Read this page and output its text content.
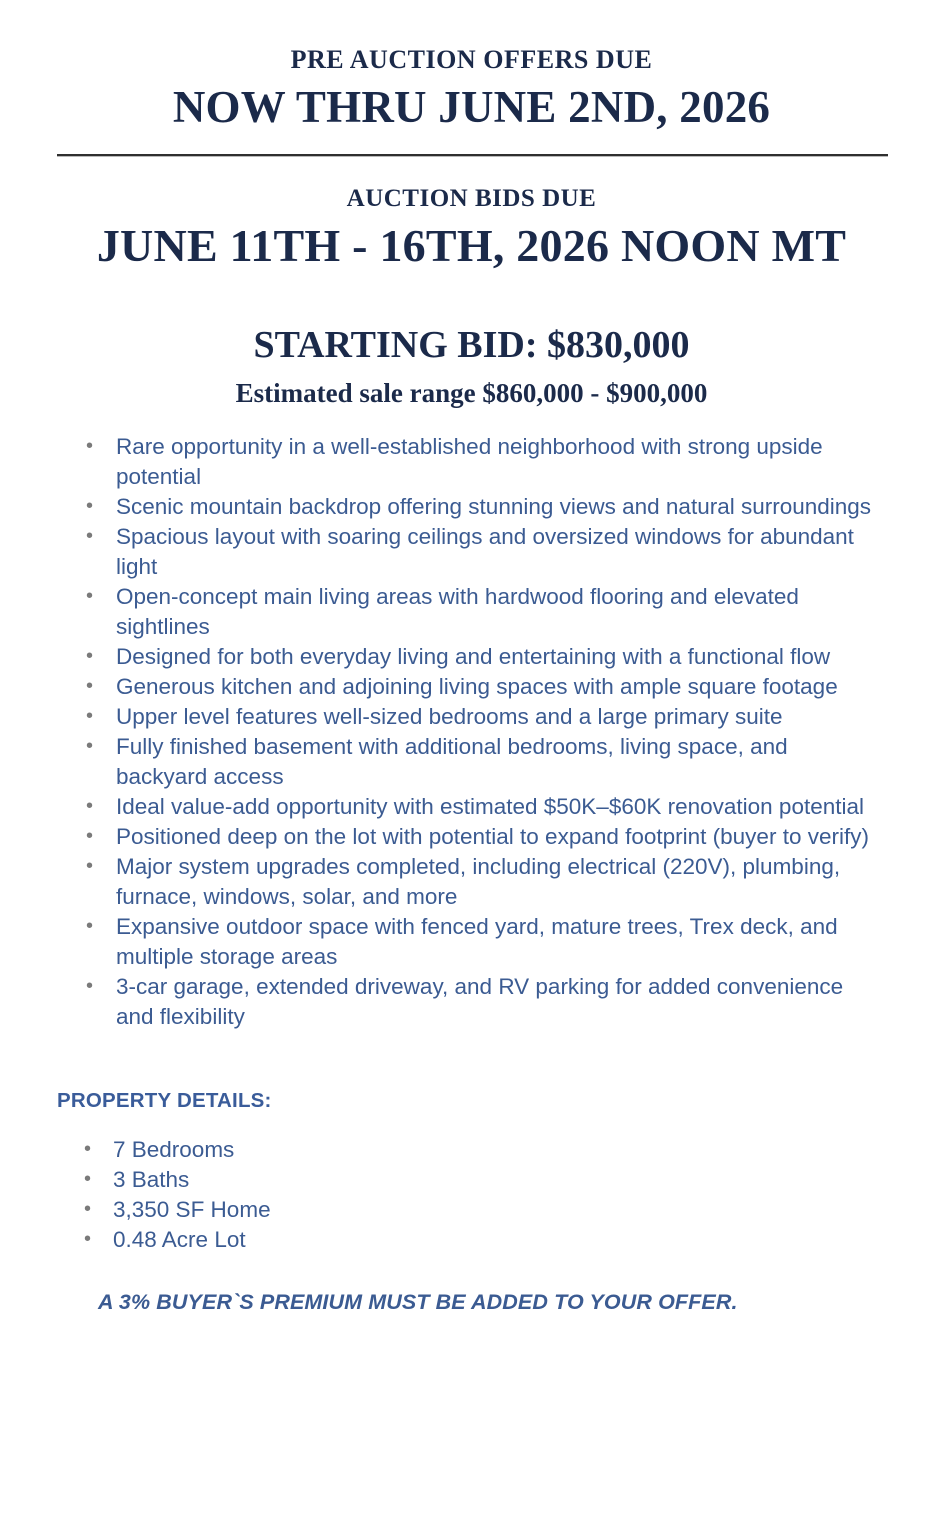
PRE AUCTION OFFERS DUE
NOW THRU JUNE 2ND, 2026
AUCTION BIDS DUE
JUNE 11TH - 16TH, 2026 NOON MT
STARTING BID: $830,000
Estimated sale range $860,000 - $900,000
• Rare opportunity in a well-established neighborhood with strong upside potential
• Scenic mountain backdrop offering stunning views and natural surroundings
• Spacious layout with soaring ceilings and oversized windows for abundant light
• Open-concept main living areas with hardwood flooring and elevated sightlines
• Designed for both everyday living and entertaining with a functional flow
• Generous kitchen and adjoining living spaces with ample square footage
• Upper level features well-sized bedrooms and a large primary suite
• Fully finished basement with additional bedrooms, living space, and backyard access
• Ideal value-add opportunity with estimated $50K–$60K renovation potential
• Positioned deep on the lot with potential to expand footprint (buyer to verify)
• Major system upgrades completed, including electrical (220V), plumbing, furnace, windows, solar, and more
• Expansive outdoor space with fenced yard, mature trees, Trex deck, and multiple storage areas
• 3-car garage, extended driveway, and RV parking for added convenience and flexibility
PROPERTY DETAILS:
• 7 Bedrooms
• 3 Baths
• 3,350 SF Home
• 0.48 Acre Lot
A 3% BUYER`S PREMIUM MUST BE ADDED TO YOUR OFFER.
